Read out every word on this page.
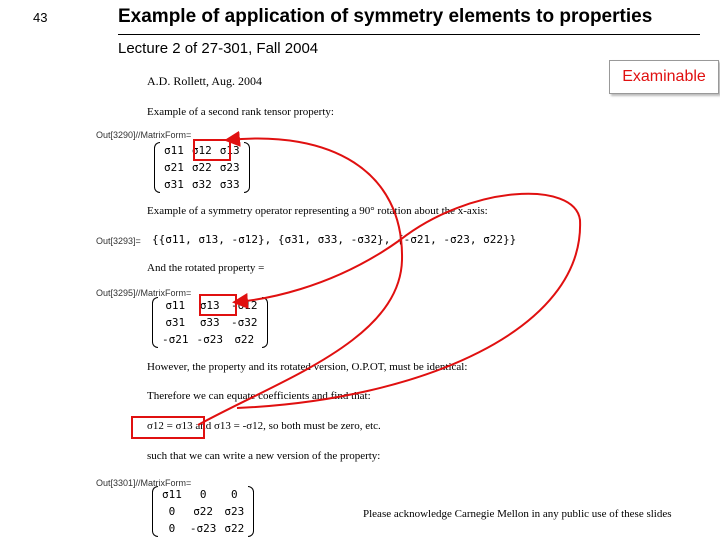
43	Example of application of symmetry elements to properties
Lecture 2 of 27-301, Fall 2004
Examinable
A.D. Rollett, Aug. 2004
Example of a second rank tensor property:
Out[3290]//MatrixForm=
σ11	σ12	σ13
σ21	σ22	σ23
σ31	σ32	σ33
Example of a symmetry operator representing a 90° rotation about the x-axis:
Out[3293]= {{σ11, σ13, -σ12}, {σ31, σ33, -σ32}, {-σ21, -σ23, σ22}}
And the rotated property =
Out[3295]//MatrixForm=
σ11	σ13	-σ12
σ31	σ33	-σ32
-σ21	-σ23	σ22
However, the property and its rotated version, O.P.OT, must be identical:
Therefore we can equate coefficients and find that:
σ12 = σ13 and σ13 = -σ12, so both must be zero, etc.
such that we can write a new version of the property:
Out[3301]//MatrixForm=
σ11	0	0
0	σ22	σ23
0	-σ23	σ22
Please acknowledge Carnegie Mellon in any public use of these slides
